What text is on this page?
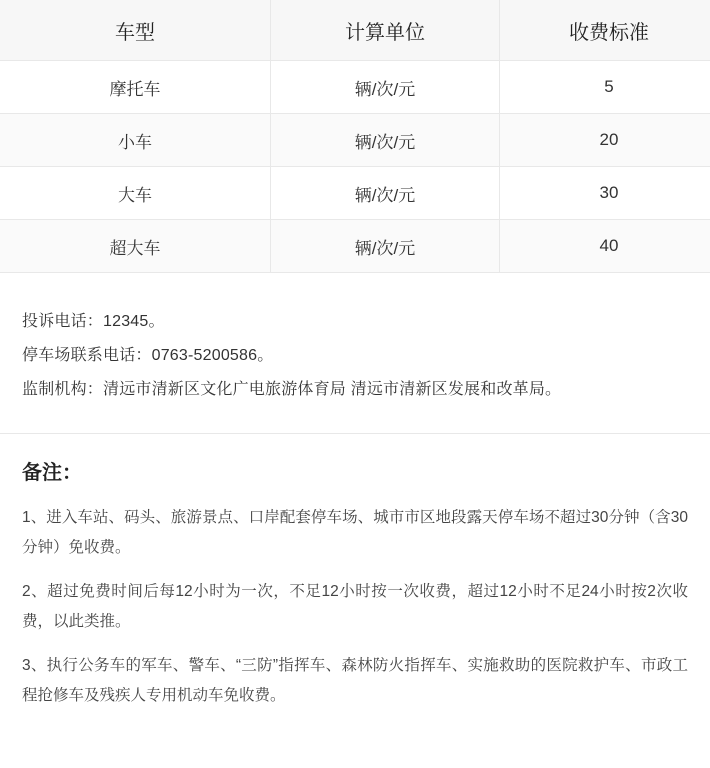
车型	计算单位	收费标准
摩托车	辆/次/元	5
小车	辆/次/元	20
大车	辆/次/元	30
超大车	辆/次/元	40
投诉电话：12345。
停车场联系电话：0763-5200586。
监制机构：清远市清新区文化广电旅游体育局 清远市清新区发展和改革局。
备注：
1、进入车站、码头、旅游景点、口岸配套停车场、城市市区地段露天停车场不超过30分钟（含30分钟）免收费。
2、超过免费时间后每12小时为一次，不足12小时按一次收费，超过12小时不足24小时按2次收费，以此类推。
3、执行公务车的军车、警车、“三防”指挥车、森林防火指挥车、实施救助的医院救护车、市政工程抢修车及残疾人专用机动车免收费。
